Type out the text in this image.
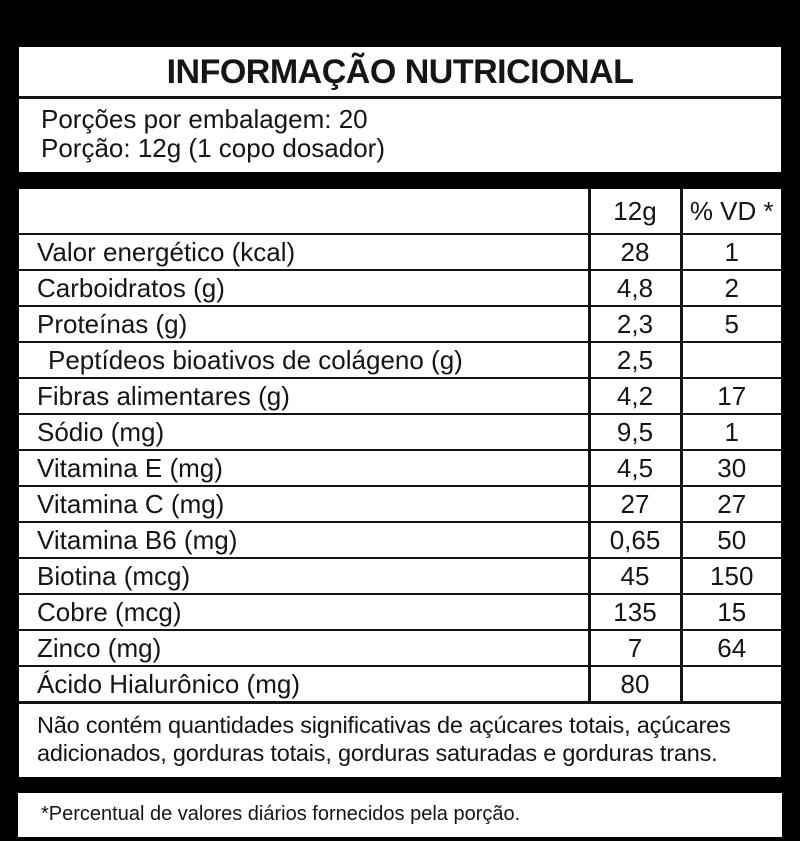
INFORMAÇÃO NUTRICIONAL
Porções por embalagem: 20
Porção: 12g (1 copo dosador)
	12g	% VD *
Valor energético (kcal)	28	1
Carboidratos (g)	4,8	2
Proteínas (g)	2,3	5
Peptídeos bioativos de colágeno (g)	2,5	
Fibras alimentares (g)	4,2	17
Sódio (mg)	9,5	1
Vitamina E (mg)	4,5	30
Vitamina C (mg)	27	27
Vitamina B6 (mg)	0,65	50
Biotina (mcg)	45	150
Cobre (mcg)	135	15
Zinco (mg)	7	64
Ácido Hialurônico (mg)	80	
Não contém quantidades significativas de açúcares totais, açúcares adicionados, gorduras totais, gorduras saturadas e gorduras trans.		
*Percentual de valores diários fornecidos pela porção.
